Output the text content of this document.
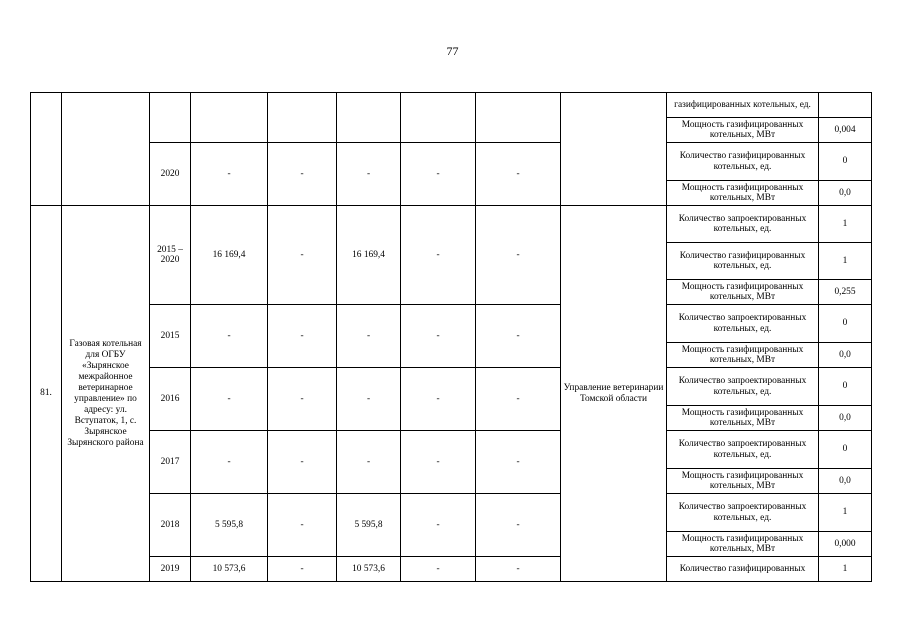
77
									газифицированных котельных, ед.	
									Мощность газифицированных котельных, МВт	0,004
		2020	-	-	-	-	-		Количество газифицированных котельных, ед.	0
									Мощность газифицированных котельных, МВт	0,0
81.	Газовая котельная для ОГБУ «Зырянское межрайонное ветеринарное управление» по адресу: ул. Вступаток, 1, с. Зырянское Зырянского района	2015 – 2020	16 169,4	-	16 169,4	-	-	Управление ветеринарии Томской области	Количество запроектированных котельных, ед.	1
									Количество газифицированных котельных, ед.	1
									Мощность газифицированных котельных, МВт	0,255
		2015	-	-	-	-	-		Количество запроектированных котельных, ед.	0
									Мощность газифицированных котельных, МВт	0,0
		2016	-	-	-	-	-		Количество запроектированных котельных, ед.	0
									Мощность газифицированных котельных, МВт	0,0
		2017	-	-	-	-	-		Количество запроектированных котельных, ед.	0
									Мощность газифицированных котельных, МВт	0,0
		2018	5 595,8	-	5 595,8	-	-		Количество запроектированных котельных, ед.	1
									Мощность газифицированных котельных, МВт	0,000
		2019	10 573,6	-	10 573,6	-	-		Количество газифицированных	1
